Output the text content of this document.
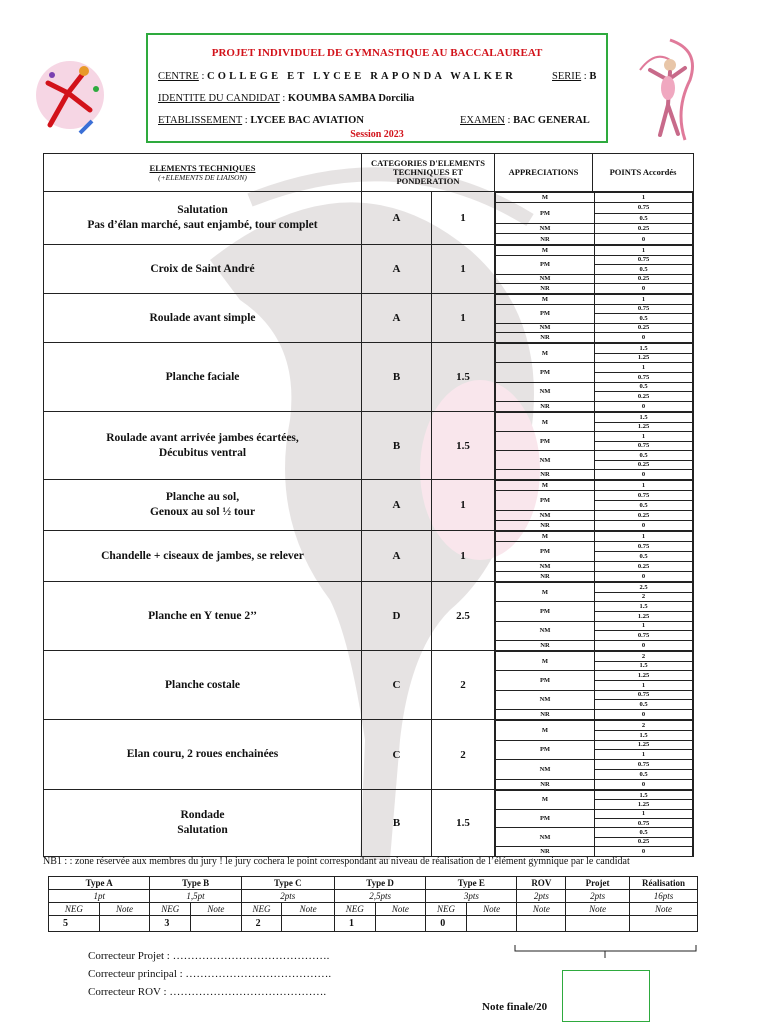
PROJET INDIVIDUEL DE GYMNASTIQUE AU BACCALAUREAT
CENTRE : COLLEGE ET LYCEE RAPONDA WALKER	SERIE : B
IDENTITE DU CANDIDAT : KOUMBA SAMBA Dorcilia
ETABLISSEMENT : LYCEE BAC AVIATION	EXAMEN : BAC GENERAL
Session 2023
ELEMENTS TECHNIQUES
(+ELEMENTS DE LIAISON)
	CATEGORIES D'ELEMENTS TECHNIQUES ET PONDERATION	APPRECIATIONS	POINTS Accordés

Salutation
Pas d’élan marché, saut enjambé, tour complet
	A	1	
M	1
PM	0.75
0.5
NM	0.25
NR	0

Croix de Saint André	A	1	
M	1
PM	0.75
0.5
NM	0.25
NR	0

Roulade avant simple	A	1	
M	1
PM	0.75
0.5
NM	0.25
NR	0

Planche faciale	B	1.5	
M	1.5
1.25
PM	1
0.75
NM	0.5
0.25
NR	0

Roulade avant arrivée jambes écartées,
Décubitus ventral
	B	1.5	
M	1.5
1.25
PM	1
0.75
NM	0.5
0.25
NR	0

Planche au sol,
Genoux au sol ½ tour
	A	1	
M	1
PM	0.75
0.5
NM	0.25
NR	0

Chandelle + ciseaux de jambes, se relever	A	1	
M	1
PM	0.75
0.5
NM	0.25
NR	0

Planche en Y tenue 2’’	D	2.5	
M	2.5
2
PM	1.5
1.25
NM	1
0.75
NR	0

Planche costale	C	2	
M	2
1.5
PM	1.25
1
NM	0.75
0.5
NR	0

Elan couru, 2 roues enchainées	C	2	
M	2
1.5
PM	1.25
1
NM	0.75
0.5
NR	0

Rondade
Salutation
	B	1.5	
M	1.5
1.25
PM	1
0.75
NM	0.5
0.25
NR	0
NB1 : : zone réservée aux membres du jury ! le jury cochera le point correspondant au niveau de réalisation de l’élément gymnique par le candidat
Type A		Type B		Type C		Type D		Type E		ROV	Projet	Réalisation
1pt		1,5pt		2pts		2,5pts		3pts		2pts	2pts	16pts
NEG	Note	NEG	Note	NEG	Note	NEG	Note	NEG	Note	Note	Note	Note
5		3		2		1		0				
Correcteur Projet : …………………………………….
Correcteur principal : ………………………………….
Correcteur ROV : …………………………………….
Note finale/20
